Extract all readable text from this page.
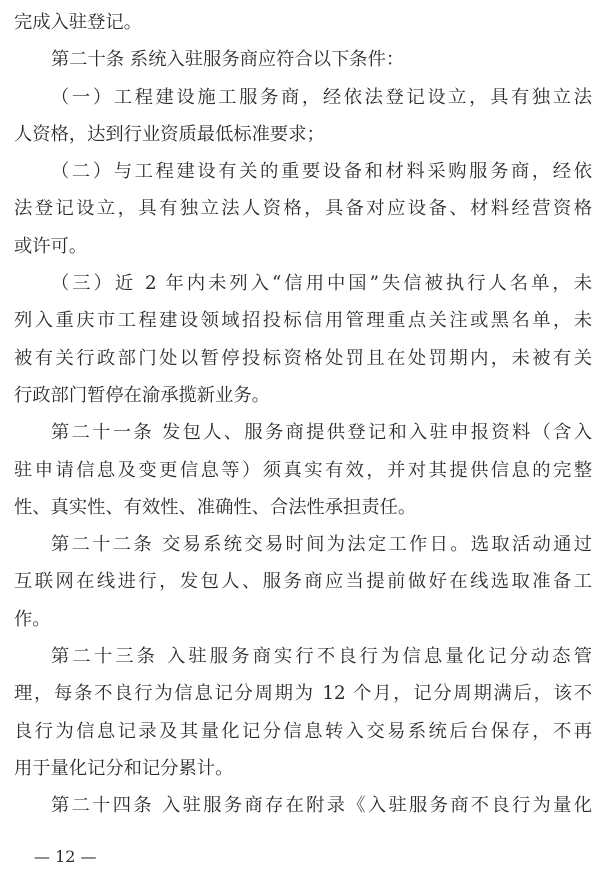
完成入驻登记。
第二十条 系统入驻服务商应符合以下条件：
（一）工程建设施工服务商，经依法登记设立，具有独立法
人资格，达到行业资质最低标准要求；
（二）与工程建设有关的重要设备和材料采购服务商，经依
法登记设立，具有独立法人资格，具备对应设备、材料经营资格
或许可。
（三）近 2 年内未列入“信用中国”失信被执行人名单，未
列入重庆市工程建设领域招投标信用管理重点关注或黑名单，未
被有关行政部门处以暂停投标资格处罚且在处罚期内，未被有关
行政部门暂停在渝承揽新业务。
第二十一条 发包人、服务商提供登记和入驻申报资料（含入
驻申请信息及变更信息等）须真实有效，并对其提供信息的完整
性、真实性、有效性、准确性、合法性承担责任。
第二十二条 交易系统交易时间为法定工作日。选取活动通过
互联网在线进行，发包人、服务商应当提前做好在线选取准备工
作。
第二十三条 入驻服务商实行不良行为信息量化记分动态管
理，每条不良行为信息记分周期为 12 个月，记分周期满后，该不
良行为信息记录及其量化记分信息转入交易系统后台保存，不再
用于量化记分和记分累计。
第二十四条 入驻服务商存在附录《入驻服务商不良行为量化
— 12 —
